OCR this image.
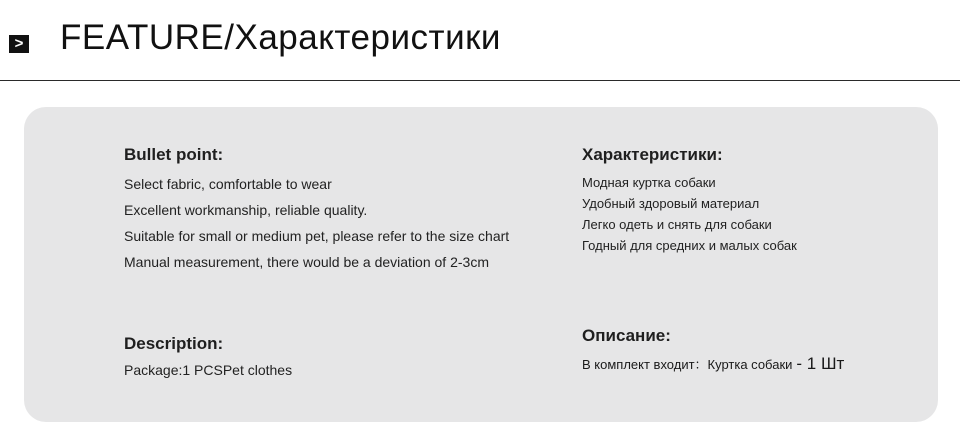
> FEATURE/Характеристики
Bullet point:
Select fabric, comfortable to wear
Excellent workmanship, reliable quality.
Suitable for small or medium pet, please refer to the size chart
Manual measurement, there would be a deviation of 2-3cm
Характеристики:
Модная куртка собаки
Удобный здоровый материал
Легко одеть и снять для собаки
Годный для средних и малых собак
Description:
Package:1 PCSPet clothes
Описание:
В комплект входит：Куртка собаки - 1 Шт
